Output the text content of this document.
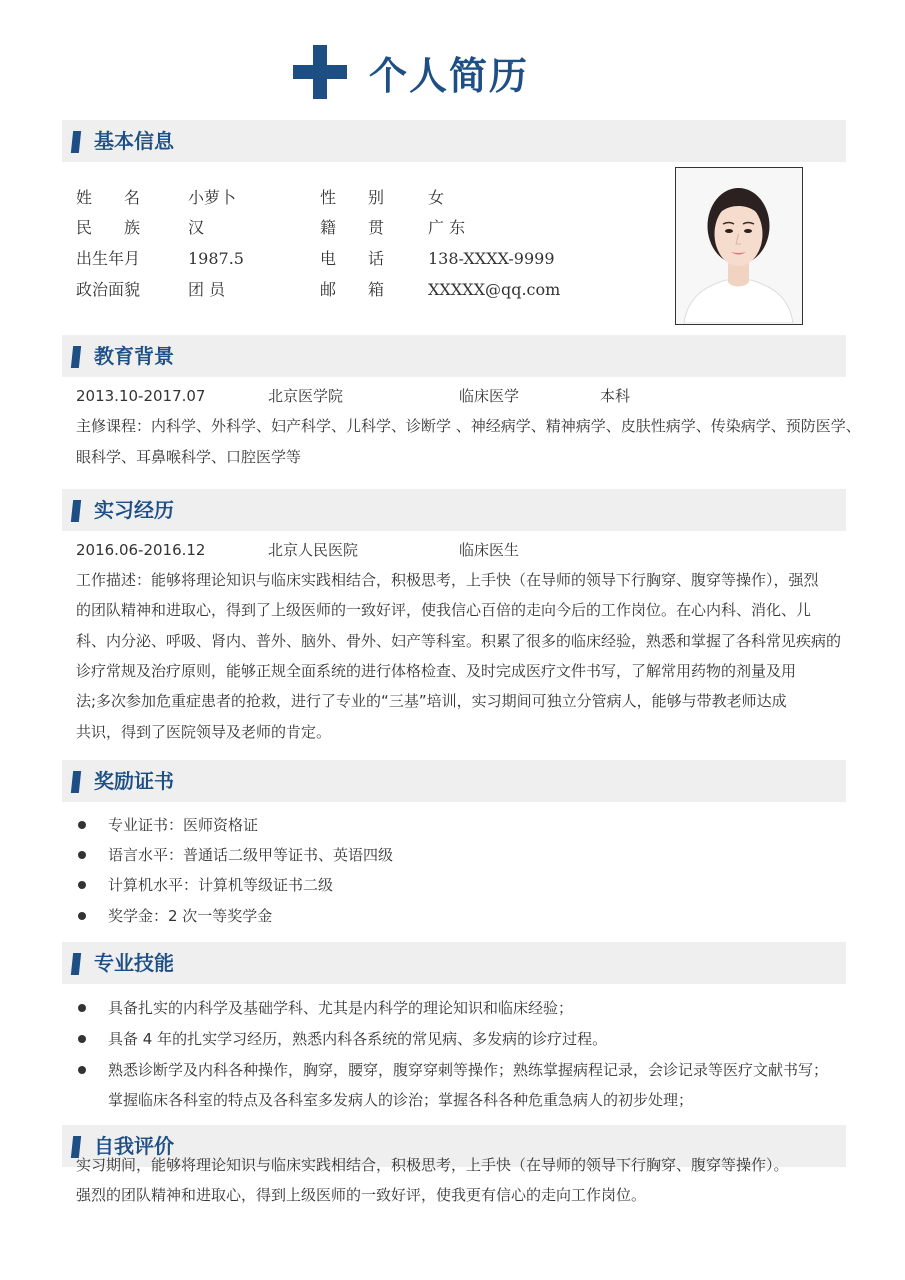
个人简历
基本信息
姓　　名	小萝卜	性　　别	女
民　　族	汉	籍　　贯	广 东
出生年月	1987.5	电　　话	138-XXXX-9999
政治面貌	团 员	邮　　箱	XXXXX@qq.com
教育背景
2013.10-2017.07	北京医学院	临床医学	本科
主修课程：内科学、外科学、妇产科学、儿科学、诊断学 、神经病学、精神病学、皮肤性病学、传染病学、预防医学、
眼科学、耳鼻喉科学、口腔医学等
实习经历
2016.06-2016.12	北京人民医院	临床医生
工作描述：能够将理论知识与临床实践相结合，积极思考，上手快（在导师的领导下行胸穿、腹穿等操作），强烈
的团队精神和进取心，得到了上级医师的一致好评，使我信心百倍的走向今后的工作岗位。在心内科、消化、儿
科、内分泌、呼吸、肾内、普外、脑外、骨外、妇产等科室。积累了很多的临床经验，熟悉和掌握了各科常见疾病的
诊疗常规及治疗原则，能够正规全面系统的进行体格检查、及时完成医疗文件书写，了解常用药物的剂量及用
法;多次参加危重症患者的抢救，进行了专业的“三基”培训，实习期间可独立分管病人，能够与带教老师达成
共识，得到了医院领导及老师的肯定。
奖励证书
专业证书：医师资格证
语言水平：普通话二级甲等证书、英语四级
计算机水平：计算机等级证书二级
奖学金：2 次一等奖学金
专业技能
具备扎实的内科学及基础学科、尤其是内科学的理论知识和临床经验；
具备 4 年的扎实学习经历，熟悉内科各系统的常见病、多发病的诊疗过程。
熟悉诊断学及内科各种操作，胸穿，腰穿，腹穿穿刺等操作；熟练掌握病程记录，会诊记录等医疗文献书写；
掌握临床各科室的特点及各科室多发病人的诊治；掌握各科各种危重急病人的初步处理；
自我评价
实习期间，能够将理论知识与临床实践相结合，积极思考，上手快（在导师的领导下行胸穿、腹穿等操作）。
强烈的团队精神和进取心，得到上级医师的一致好评，使我更有信心的走向工作岗位。
